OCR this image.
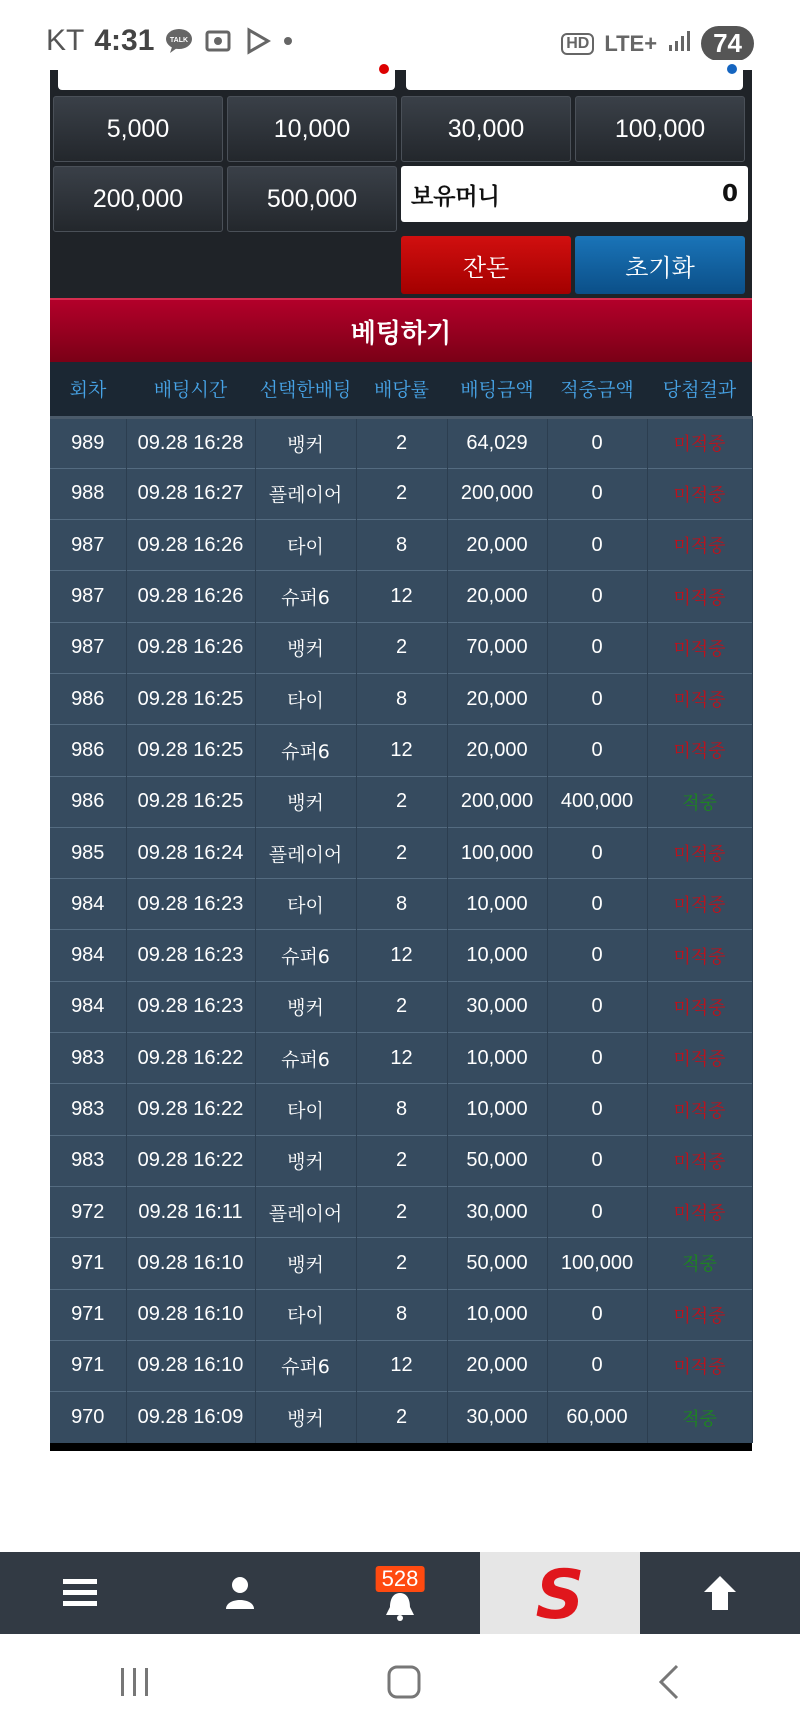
KT 4:31 TALK	HD LTE+	74
5,000	10,000	30,000	100,000
200,000	500,000	보유머니	0
잔돈	초기화
베팅하기
회차	배팅시간	선택한배팅	배당률	배팅금액	적중금액	당첨결과
989	09.28 16:28	뱅커	2	64,029	0	미적중
988	09.28 16:27	플레이어	2	200,000	0	미적중
987	09.28 16:26	타이	8	20,000	0	미적중
987	09.28 16:26	슈퍼6	12	20,000	0	미적중
987	09.28 16:26	뱅커	2	70,000	0	미적중
986	09.28 16:25	타이	8	20,000	0	미적중
986	09.28 16:25	슈퍼6	12	20,000	0	미적중
986	09.28 16:25	뱅커	2	200,000	400,000	적중
985	09.28 16:24	플레이어	2	100,000	0	미적중
984	09.28 16:23	타이	8	10,000	0	미적중
984	09.28 16:23	슈퍼6	12	10,000	0	미적중
984	09.28 16:23	뱅커	2	30,000	0	미적중
983	09.28 16:22	슈퍼6	12	10,000	0	미적중
983	09.28 16:22	타이	8	10,000	0	미적중
983	09.28 16:22	뱅커	2	50,000	0	미적중
972	09.28 16:11	플레이어	2	30,000	0	미적중
971	09.28 16:10	뱅커	2	50,000	100,000	적중
971	09.28 16:10	타이	8	10,000	0	미적중
971	09.28 16:10	슈퍼6	12	20,000	0	미적중
970	09.28 16:09	뱅커	2	30,000	60,000	적중
528 S
